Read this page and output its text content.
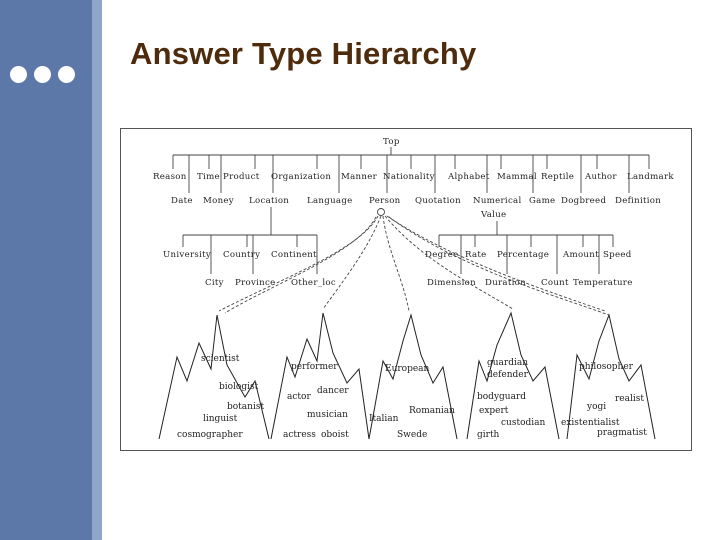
Answer Type Hierarchy
Top
Reason Time Product Organization Manner Nationality Alphabet Mammal Reptile Author Landmark
Date Money Location Language Person Quotation Numerical Game Dogbreed Definition
Value
University Country Continent
City Province Other_loc
Degree Rate Percentage Amount Speed
Dimension Duration Count Temperature
scientist
biologist
botanist
linguist
cosmographer
performer
dancer
actor
musician
actress oboist
European
Romanian
Italian
Swede
guardian
defender
bodyguard
expert
custodian
girth
philosopher
realist
yogi
existentialist
pragmatist
